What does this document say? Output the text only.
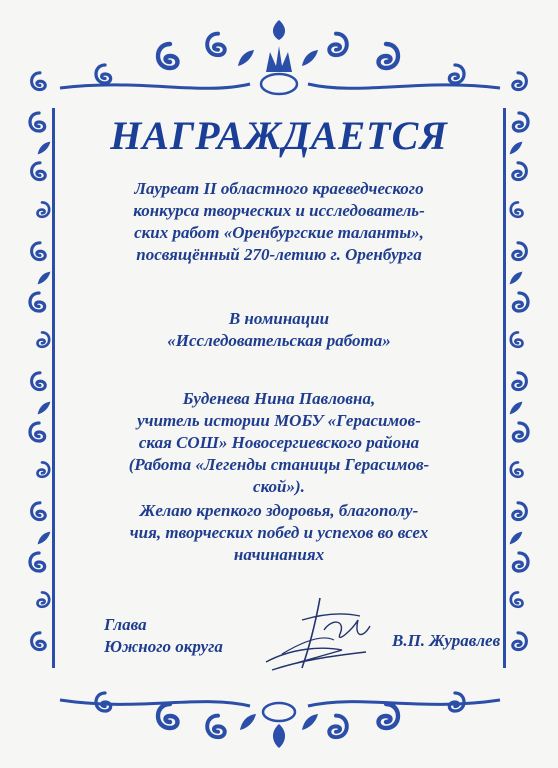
НАГРАЖДАЕТСЯ

Лауреат II областного краеведческого

конкурса творческих и исследователь-

ских работ «Оренбургские таланты»,

посвящённый 270-летию г. Оренбурга

В номинации

«Исследовательская работа»

Буденева Нина Павловна,

учитель истории МОБУ «Герасимов-

ская СОШ» Новосергиевского района

(Работа «Легенды станицы Герасимов-

ской»).

Желаю крепкого здоровья, благополу-

чия, творческих побед и успехов во всех

начинаниях

Глава

Южного округа	В.П. Журавлев
